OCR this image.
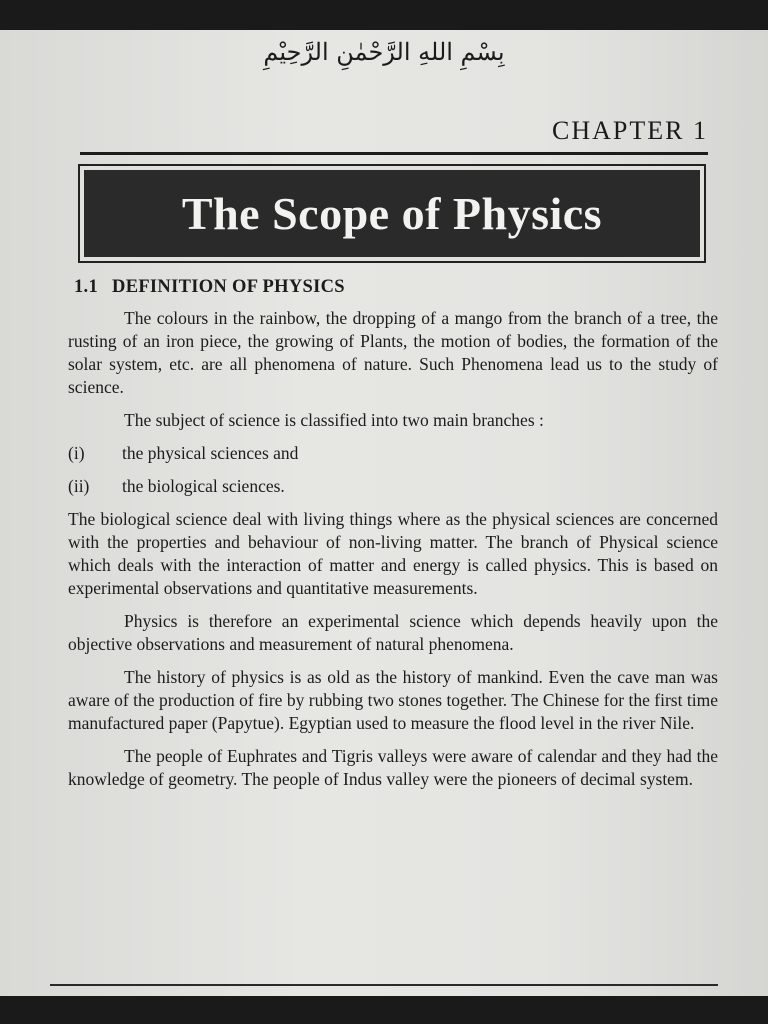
بِسْمِ اللهِ الرَّحْمٰنِ الرَّحِيْمِ
CHAPTER 1
The Scope of Physics
1.1 DEFINITION OF PHYSICS

The colours in the rainbow, the dropping of a mango from the branch of a tree, the rusting of an iron piece, the growing of Plants, the motion of bodies, the formation of the solar system, etc. are all phenomena of nature. Such Phenomena lead us to the study of science.

The subject of science is classified into two main branches :

(i)	the physical sciences and
(ii)	the biological sciences.

The biological science deal with living things where as the physical sciences are concerned with the properties and behaviour of non-living matter. The branch of Physical science which deals with the interaction of matter and energy is called physics. This is based on experimental observations and quantitative measurements.

Physics is therefore an experimental science which depends heavily upon the objective observations and measurement of natural phenomena.

The history of physics is as old as the history of mankind. Even the cave man was aware of the production of fire by rubbing two stones together. The Chinese for the first time manufactured paper (Papytue). Egyptian used to measure the flood level in the river Nile.

The people of Euphrates and Tigris valleys were aware of calendar and they had the knowledge of geometry. The people of Indus valley were the pioneers of decimal system.
